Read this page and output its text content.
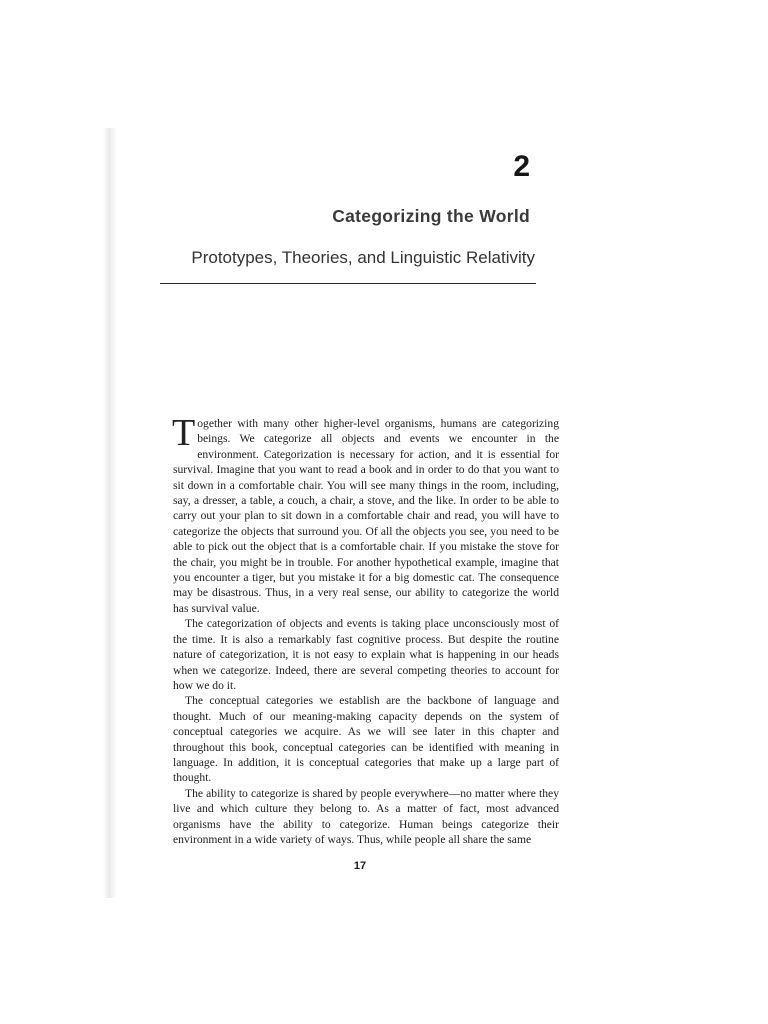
2
Categorizing the World
Prototypes, Theories, and Linguistic Relativity

Together with many other higher-level organisms, humans are categorizing beings. We categorize all objects and events we encounter in the environment. Categorization is necessary for action, and it is essential for survival. Imagine that you want to read a book and in order to do that you want to sit down in a comfortable chair. You will see many things in the room, including, say, a dresser, a table, a couch, a chair, a stove, and the like. In order to be able to carry out your plan to sit down in a comfortable chair and read, you will have to categorize the objects that surround you. Of all the objects you see, you need to be able to pick out the object that is a comfortable chair. If you mistake the stove for the chair, you might be in trouble. For another hypothetical example, imagine that you encounter a tiger, but you mistake it for a big domestic cat. The consequence may be disastrous. Thus, in a very real sense, our ability to categorize the world has survival value.

The categorization of objects and events is taking place unconsciously most of the time. It is also a remarkably fast cognitive process. But despite the routine nature of categorization, it is not easy to explain what is happening in our heads when we categorize. Indeed, there are several competing theories to account for how we do it.

The conceptual categories we establish are the backbone of language and thought. Much of our meaning-making capacity depends on the system of conceptual categories we acquire. As we will see later in this chapter and throughout this book, conceptual categories can be identified with meaning in language. In addition, it is conceptual categories that make up a large part of thought.

The ability to categorize is shared by people everywhere—no matter where they live and which culture they belong to. As a matter of fact, most advanced organisms have the ability to categorize. Human beings categorize their environment in a wide variety of ways. Thus, while people all share the same

17
